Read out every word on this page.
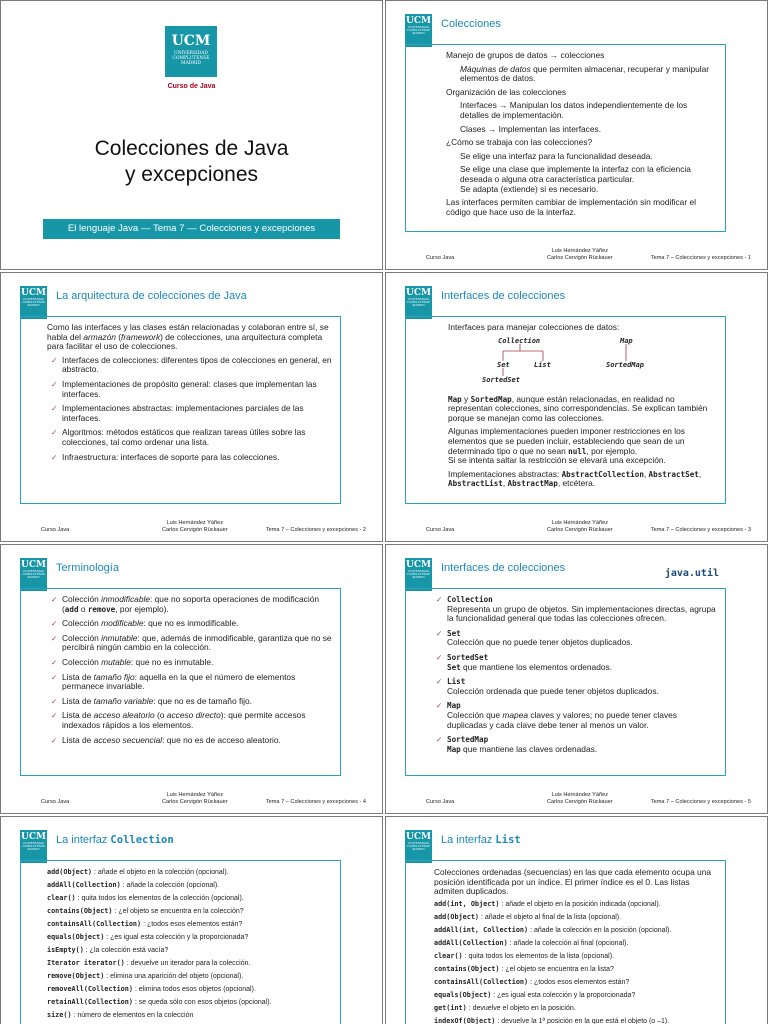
UCM
UNIVERSIDAD COMPLUTENSE MADRID
Curso de Java
Colecciones de Java
y excepciones
El lenguaje Java — Tema 7 — Colecciones y excepciones
UCM
UNIVERSIDAD COMPLUTENSE MADRID
Colecciones

Manejo de grupos de datos → colecciones

Máquinas de datos que permiten almacenar, recuperar y manipular elementos de datos.

Organización de las colecciones

Interfaces → Manipulan los datos independientemente de los detalles de implementación.

Clases → Implementan las interfaces.

¿Cómo se trabaja con las colecciones?

Se elige una interfaz para la funcionalidad deseada.

Se elige una clase que implemente la interfaz con la eficiencia deseada o alguna otra característica particular.

Se adapta (extiende) si es necesario.

Las interfaces permiten cambiar de implementación sin modificar el código que hace uso de la interfaz.

Curso Java
Luis Hernández Yáñez
Carlos Cervigón Rückauer	Tema 7 – Colecciones y excepciones - 1
UCM
UNIVERSIDAD COMPLUTENSE MADRID
La arquitectura de colecciones de Java

Como las interfaces y las clases están relacionadas y colaboran entre sí, se habla del armazón (framework) de colecciones, una arquitectura completa para facilitar el uso de colecciones.

✓ Interfaces de colecciones: diferentes tipos de colecciones en general, en abstracto.
✓ Implementaciones de propósito general: clases que implementan las interfaces.
✓ Implementaciones abstractas: implementaciones parciales de las interfaces.
✓ Algoritmos: métodos estáticos que realizan tareas útiles sobre las colecciones, tal como ordenar una lista.
✓ Infraestructura: interfaces de soporte para las colecciones.
Curso Java
Luis Hernández Yáñez
Carlos Cervigón Rückauer	Tema 7 – Colecciones y excepciones - 2
UCM
UNIVERSIDAD COMPLUTENSE MADRID
Interfaces de colecciones

Interfaces para manejar colecciones de datos:

Collection	Map
Set	List	SortedMap
SortedSet

Map y SortedMap, aunque están relacionadas, en realidad no representan colecciones, sino correspondencias. Se explican también porque se manejan como las colecciones.

Algunas implementaciones pueden imponer restricciones en los elementos que se pueden incluir, estableciendo que sean de un determinado tipo o que no sean null, por ejemplo.

Si se intenta saltar la restricción se elevará una excepción.

Implementaciones abstractas: AbstractCollection, AbstractSet, AbstractList, AbstractMap, etcétera.

Curso Java
Luis Hernández Yáñez
Carlos Cervigón Rückauer	Tema 7 – Colecciones y excepciones - 3
UCM
UNIVERSIDAD COMPLUTENSE MADRID
Terminología
✓ Colección inmodificable: que no soporta operaciones de modificación (add o remove, por ejemplo).
✓ Colección modificable: que no es inmodificable.
✓ Colección inmutable: que, además de inmodificable, garantiza que no se percibirá ningún cambio en la colección.
✓ Colección mutable: que no es inmutable.
✓ Lista de tamaño fijo: aquella en la que el número de elementos permanece invariable.
✓ Lista de tamaño variable: que no es de tamaño fijo.
✓ Lista de acceso aleatorio (o acceso directo): que permite accesos indexados rápidos a los elementos.
✓ Lista de acceso secuencial: que no es de acceso aleatorio.
Curso Java
Luis Hernández Yáñez
Carlos Cervigón Rückauer	Tema 7 – Colecciones y excepciones - 4
UCM
UNIVERSIDAD COMPLUTENSE MADRID
Interfaces de colecciones	java.util
✓ Collection
Representa un grupo de objetos. Sin implementaciones directas, agrupa la funcionalidad general que todas las colecciones ofrecen.
✓ Set
Colección que no puede tener objetos duplicados.
✓ SortedSet
Set que mantiene los elementos ordenados.
✓ List
Colección ordenada que puede tener objetos duplicados.
✓ Map
Colección que mapea claves y valores; no puede tener claves duplicadas y cada clave debe tener al menos un valor.
✓ SortedMap
Map que mantiene las claves ordenadas.
Curso Java
Luis Hernández Yáñez
Carlos Cervigón Rückauer	Tema 7 – Colecciones y excepciones - 5
UCM
UNIVERSIDAD COMPLUTENSE MADRID
La interfaz Collection
add(Object) : añade el objeto en la colección (opcional).
addAll(Collection) : añade la colección (opcional).
clear() : quita todos los elementos de la colección (opcional).
contains(Object) : ¿el objeto se encuentra en la colección?
containsAll(Collection) : ¿todos esos elementos están?
equals(Object) : ¿es igual esta colección y la proporcionada?
isEmpty() : ¿la colección está vacía?
Iterator iterator() : devuelve un iterador para la colección.
remove(Object) : elimina una aparición del objeto (opcional).
removeAll(Collection) : elimina todos esos objetos (opcional).
retainAll(Collection) : se queda sólo con esos objetos (opcional).
size() : número de elementos en la colección
UCM
UNIVERSIDAD COMPLUTENSE MADRID
La interfaz List

Colecciones ordenadas (secuencias) en las que cada elemento ocupa una posición identificada por un índice. El primer índice es el 0. Las listas admiten duplicados.

add(int, Object) : añade el objeto en la posición indicada (opcional).
add(Object) : añade el objeto al final de la lista (opcional).
addAll(int, Collection) : añade la colección en la posición (opcional).
addAll(Collection) : añade la colección al final (opcional).
clear() : quita todos los elementos de la lista (opcional).
contains(Object) : ¿el objeto se encuentra en la lista?
containsAll(Collection) : ¿todos esos elementos están?
equals(Object) : ¿es igual esta colección y la proporcionada?
get(int) : devuelve el objeto en la posición.
indexOf(Object) : devuelve la 1ª posición en la que está el objeto (o –1).
